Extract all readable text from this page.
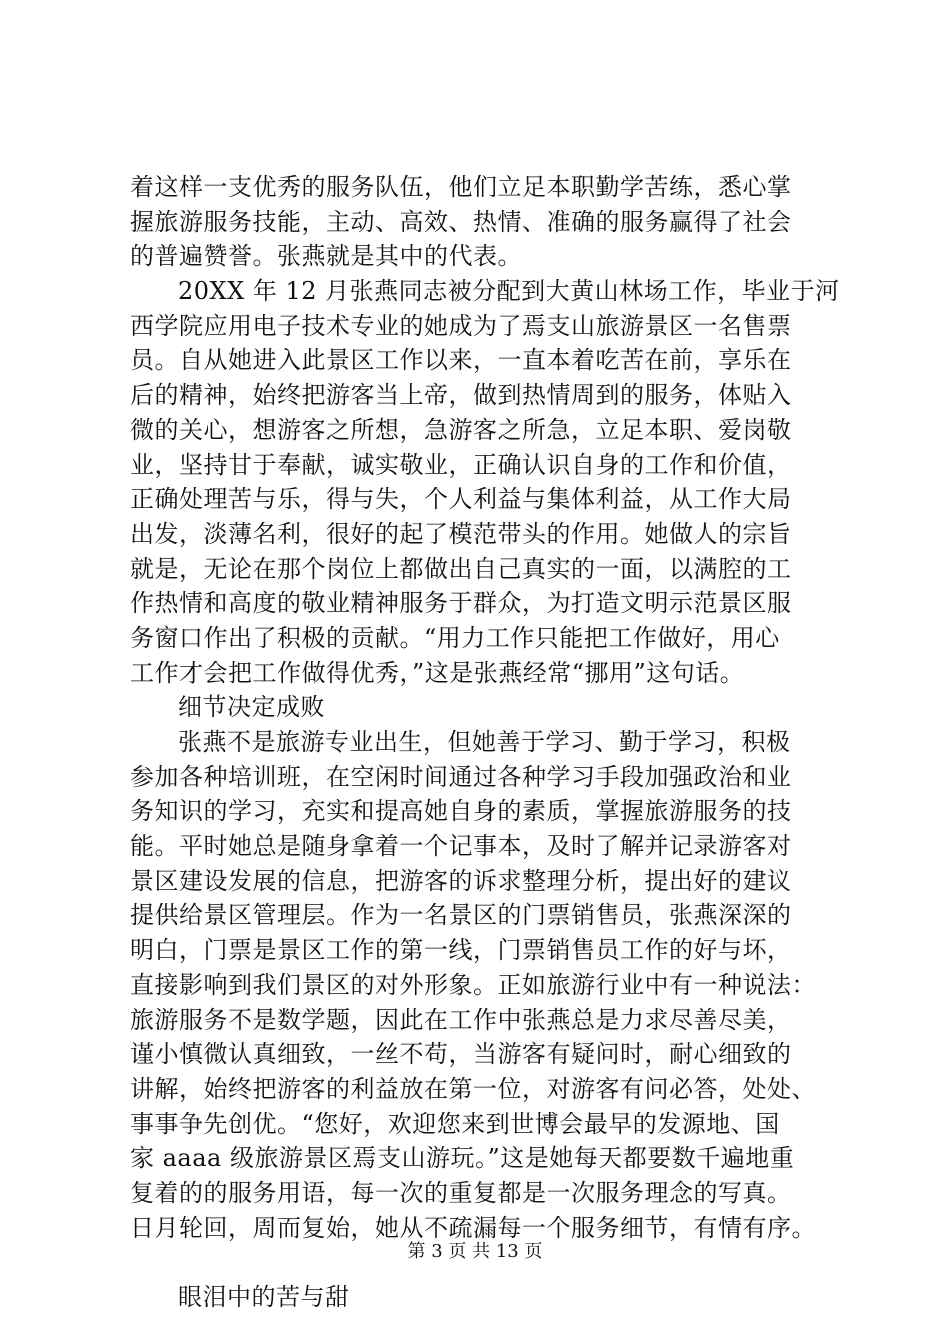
着这样一支优秀的服务队伍，他们立足本职勤学苦练，悉心掌
握旅游服务技能，主动、高效、热情、准确的服务赢得了社会
的普遍赞誉。张燕就是其中的代表。
20XX 年 12 月张燕同志被分配到大黄山林场工作，毕业于河
西学院应用电子技术专业的她成为了焉支山旅游景区一名售票
员。自从她进入此景区工作以来，一直本着吃苦在前，享乐在
后的精神，始终把游客当上帝，做到热情周到的服务，体贴入
微的关心，想游客之所想，急游客之所急，立足本职、爱岗敬
业，坚持甘于奉献，诚实敬业，正确认识自身的工作和价值，
正确处理苦与乐，得与失，个人利益与集体利益，从工作大局
出发，淡薄名利，很好的起了模范带头的作用。她做人的宗旨
就是，无论在那个岗位上都做出自己真实的一面，以满腔的工
作热情和高度的敬业精神服务于群众，为打造文明示范景区服
务窗口作出了积极的贡献。“用力工作只能把工作做好，用心
工作才会把工作做得优秀，”这是张燕经常“挪用”这句话。
细节决定成败
张燕不是旅游专业出生，但她善于学习、勤于学习，积极
参加各种培训班，在空闲时间通过各种学习手段加强政治和业
务知识的学习，充实和提高她自身的素质，掌握旅游服务的技
能。平时她总是随身拿着一个记事本，及时了解并记录游客对
景区建设发展的信息，把游客的诉求整理分析，提出好的建议
提供给景区管理层。作为一名景区的门票销售员，张燕深深的
明白，门票是景区工作的第一线，门票销售员工作的好与坏，
直接影响到我们景区的对外形象。正如旅游行业中有一种说法：
旅游服务不是数学题，因此在工作中张燕总是力求尽善尽美，
谨小慎微认真细致，一丝不苟，当游客有疑问时，耐心细致的
讲解，始终把游客的利益放在第一位，对游客有问必答，处处、
事事争先创优。“您好，欢迎您来到世博会最早的发源地、国
家 aaaa 级旅游景区焉支山游玩。”这是她每天都要数千遍地重
复着的的服务用语，每一次的重复都是一次服务理念的写真。
日月轮回，周而复始，她从不疏漏每一个服务细节，有情有序。
眼泪中的苦与甜
第 3 页 共 13 页
